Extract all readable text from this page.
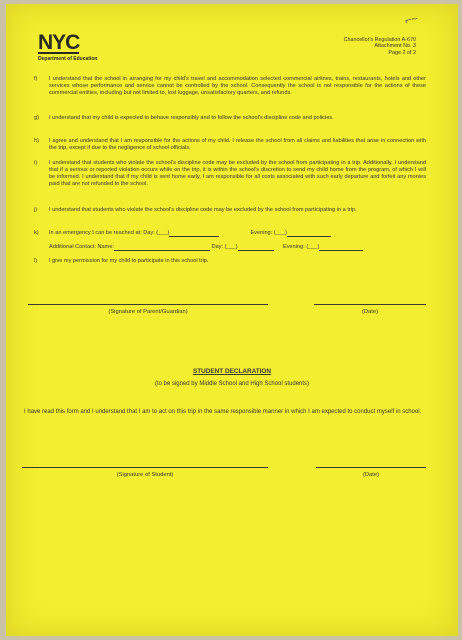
⌐~
NYC
Department of Education
Chancellor's Regulation A-670
Attachment No. 3
Page 2 of 2
f)	I understand that the school in arranging for my child's travel and accommodation selected commercial airlines, trains, restaurants, hotels and other services whose performance and service cannot be controlled by the school. Consequently the school is not responsible for the actions of these commercial entities, including but not limited to, lost luggage, unsatisfactory quarters, and refunds.
g)	I understand that my child is expected to behave responsibly and to follow the school's discipline code and policies.
h)	I agree and understand that I am responsible for the actions of my child. I release the school from all claims and liabilities that arise in connection with the trip, except if due to the negligence of school officials.
i)	I understand that students who violate the school's discipline code may be excluded by the school from participating in a trip. Additionally, I understand that if a serious or reported violation occurs while on the trip, it is within the school's discretion to send my child home from the program, of which I will be informed. I understand that if my child is sent home early, I am responsible for all costs associated with such early departure and forfeit any monies paid that are not refunded to the school.
j)	I understand that students who violate the school's discipline code may be excluded by the school from participating in a trip.
k)	In an emergency I can be reached at: Day: (___)	Evening: (___)
Additional Contact: Name:	Day: (___)	Evening: (___)
l)	I give my permission for my child to participate in this school trip.
(Signature of Parent/Guardian)	(Date)
STUDENT DECLARATION
(to be signed by Middle School and High School students)
I have read this form and I understand that I am to act on this trip in the same responsible manner in which I am expected to conduct myself in school.
(Signature of Student)	(Date)
